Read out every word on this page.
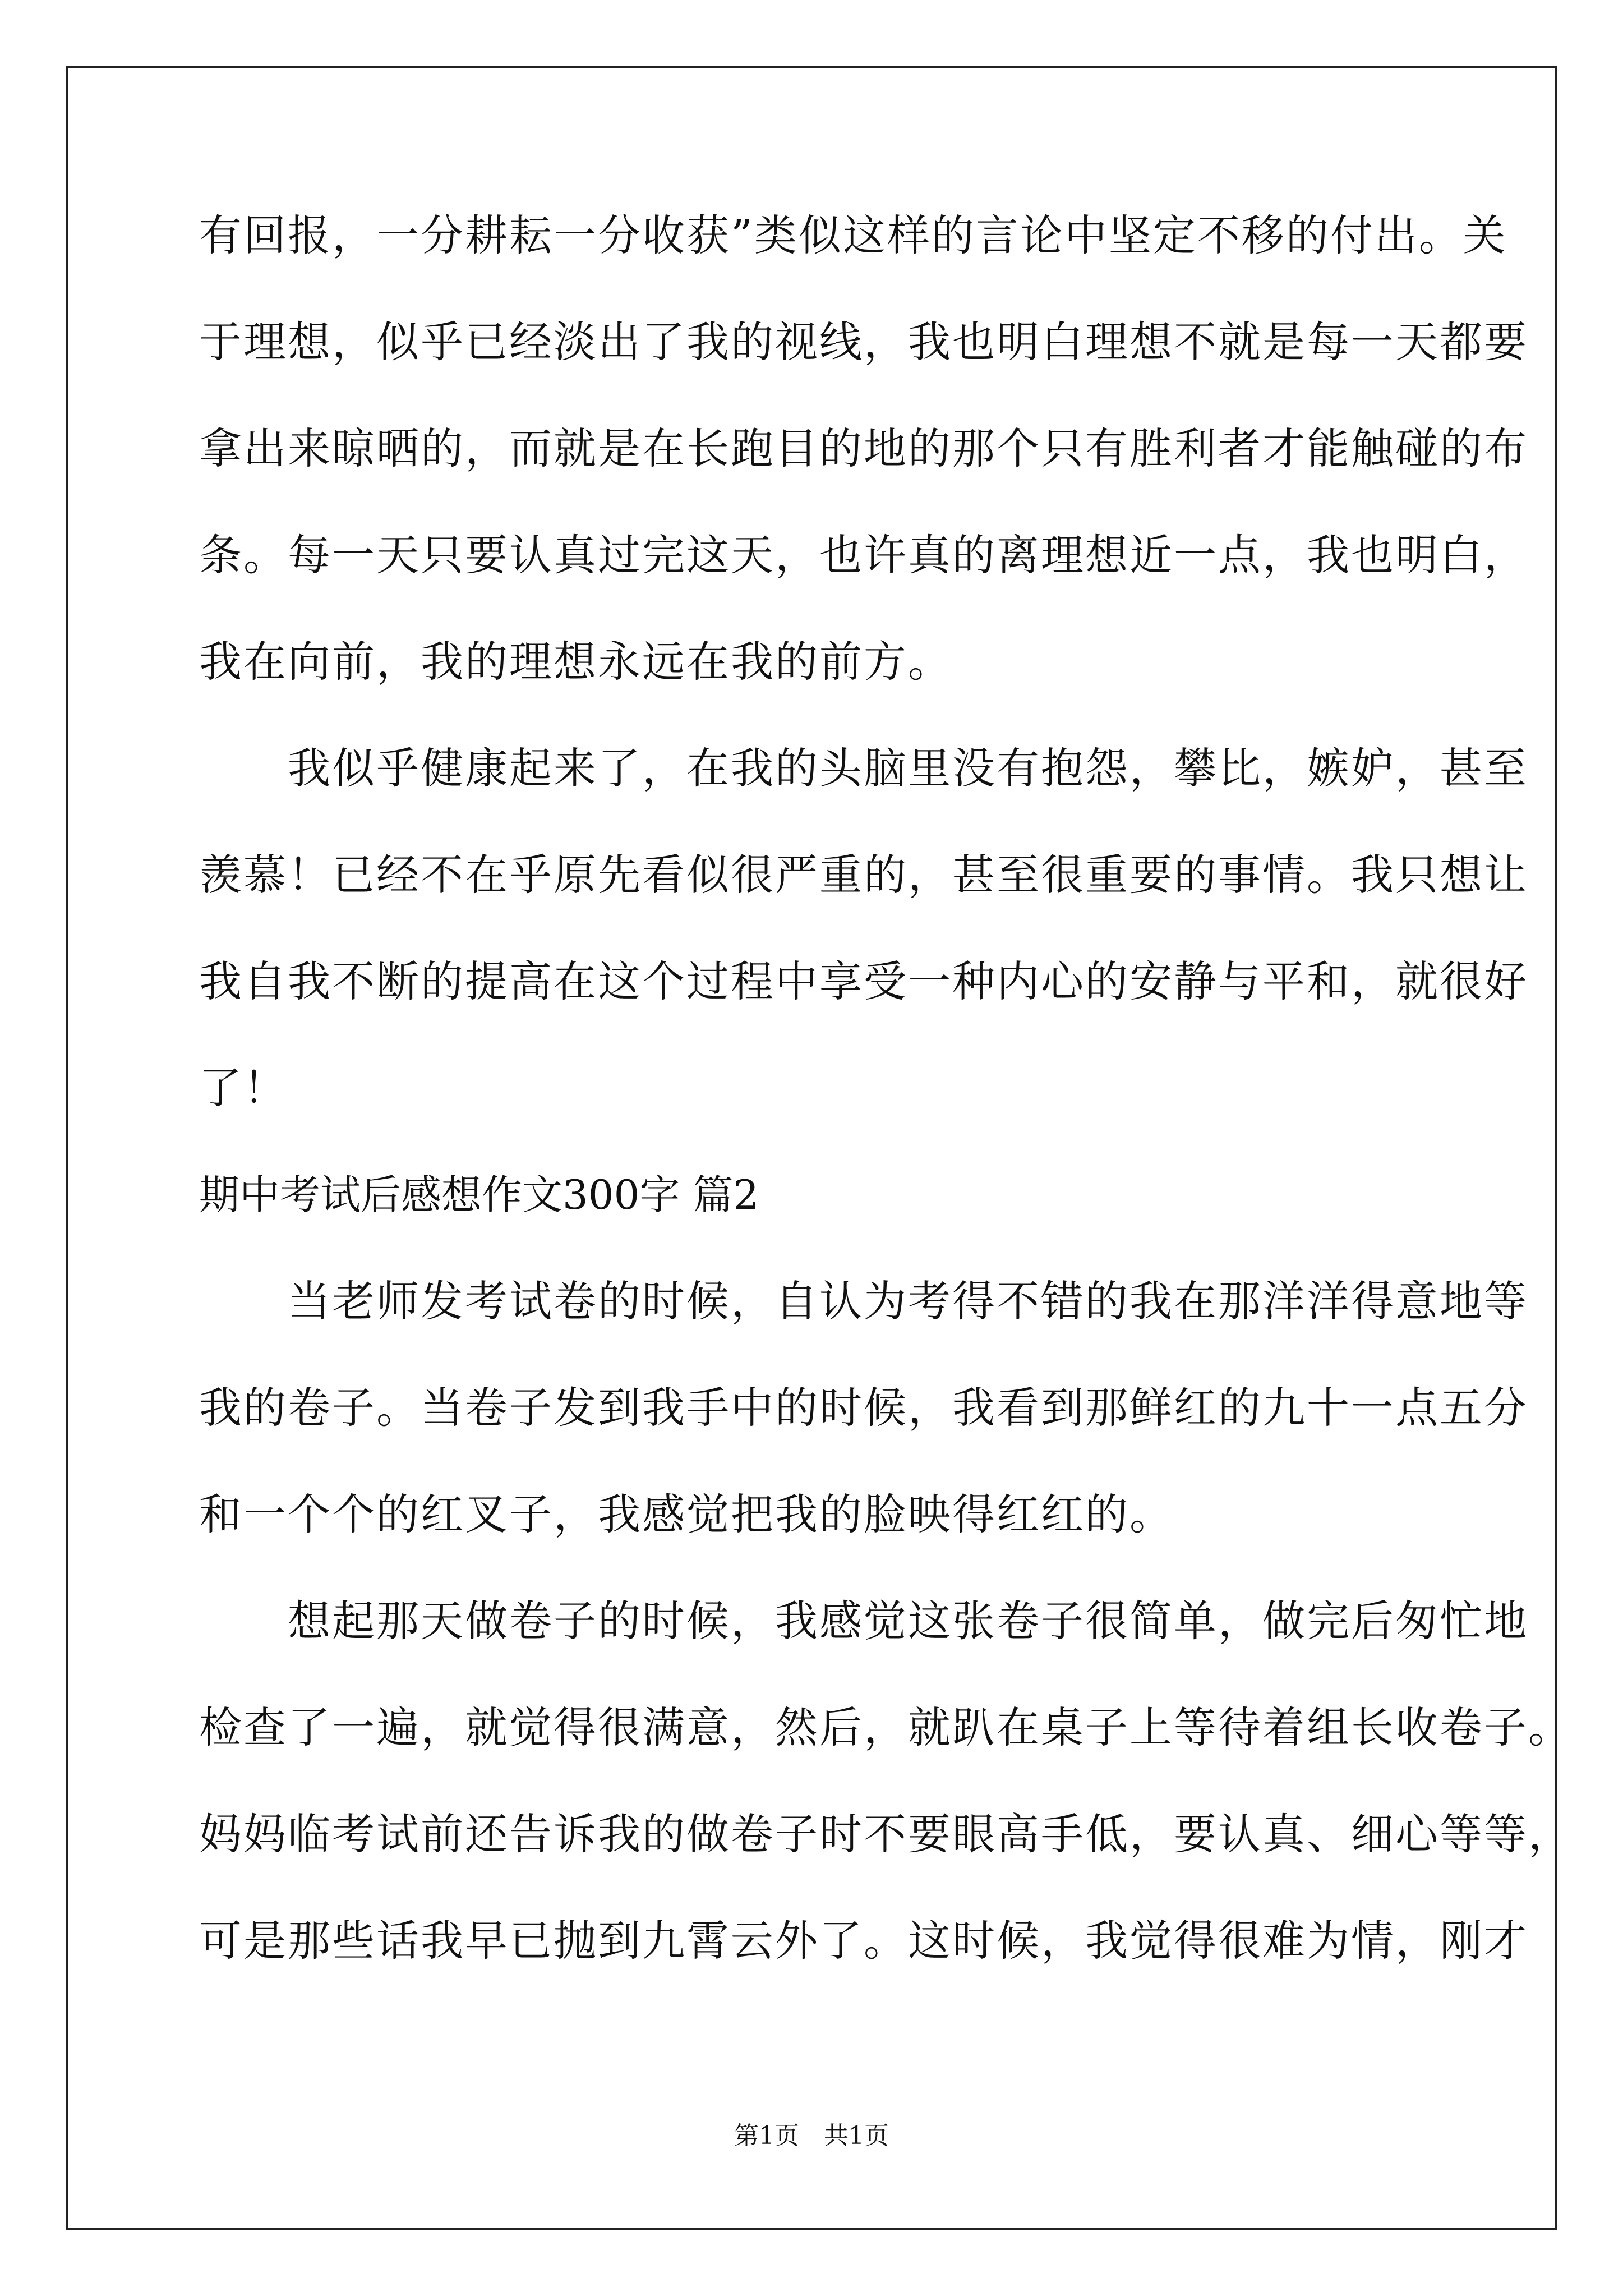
有回报，一分耕耘一分收获”类似这样的言论中坚定不移的付出。关
于理想，似乎已经淡出了我的视线，我也明白理想不就是每一天都要
拿出来晾晒的，而就是在长跑目的地的那个只有胜利者才能触碰的布
条。每一天只要认真过完这天，也许真的离理想近一点，我也明白，
我在向前，我的理想永远在我的前方。
　　我似乎健康起来了，在我的头脑里没有抱怨，攀比，嫉妒，甚至
羡慕！已经不在乎原先看似很严重的，甚至很重要的事情。我只想让
我自我不断的提高在这个过程中享受一种内心的安静与平和，就很好
了！
期中考试后感想作文300字 篇2
　　当老师发考试卷的时候，自认为考得不错的我在那洋洋得意地等
我的卷子。当卷子发到我手中的时候，我看到那鲜红的九十一点五分
和一个个的红叉子，我感觉把我的脸映得红红的。
　　想起那天做卷子的时候，我感觉这张卷子很简单，做完后匆忙地
检查了一遍，就觉得很满意，然后，就趴在桌子上等待着组长收卷子。
妈妈临考试前还告诉我的做卷子时不要眼高手低，要认真、细心等等，
可是那些话我早已抛到九霄云外了。这时候，我觉得很难为情，刚才
第1页　共1页
